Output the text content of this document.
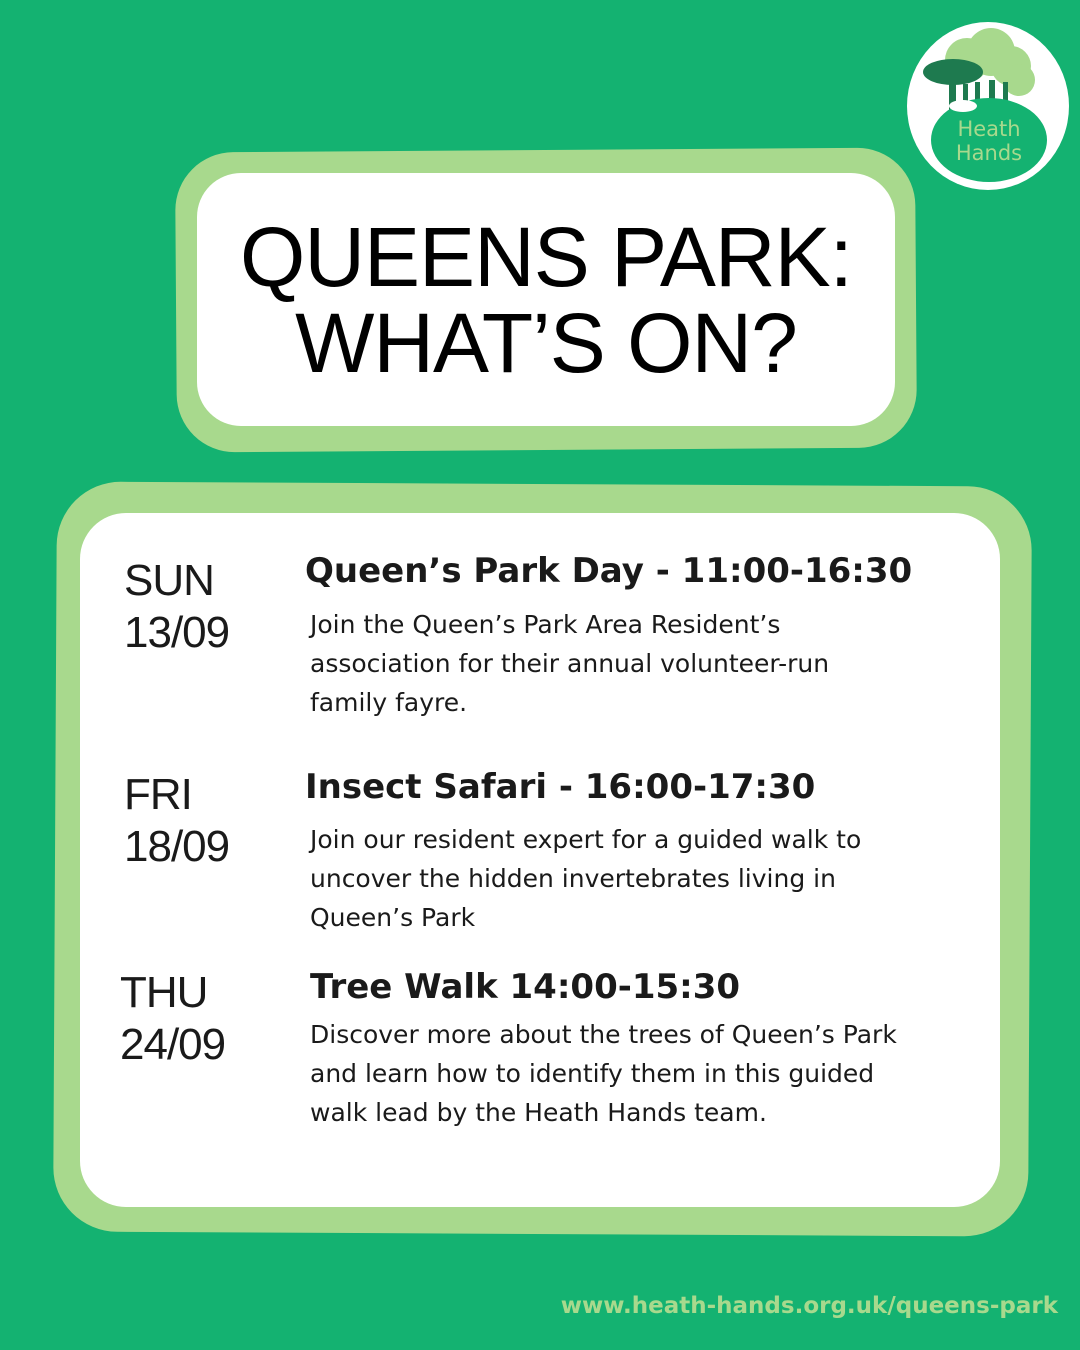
Heath
Hands
QUEENS PARK:
WHAT’S ON?
SUN
13/09
Queen’s Park Day - 11:00-16:30
Join the Queen’s Park Area Resident’s association for their annual volunteer-run family fayre.
FRI
18/09
Insect Safari - 16:00-17:30
Join our resident expert for a guided walk to uncover the hidden invertebrates living in Queen’s Park
THU
24/09
Tree Walk 14:00-15:30
Discover more about the trees of Queen’s Park and learn how to identify them in this guided walk lead by the Heath Hands team.
www.heath-hands.org.uk/queens-park
